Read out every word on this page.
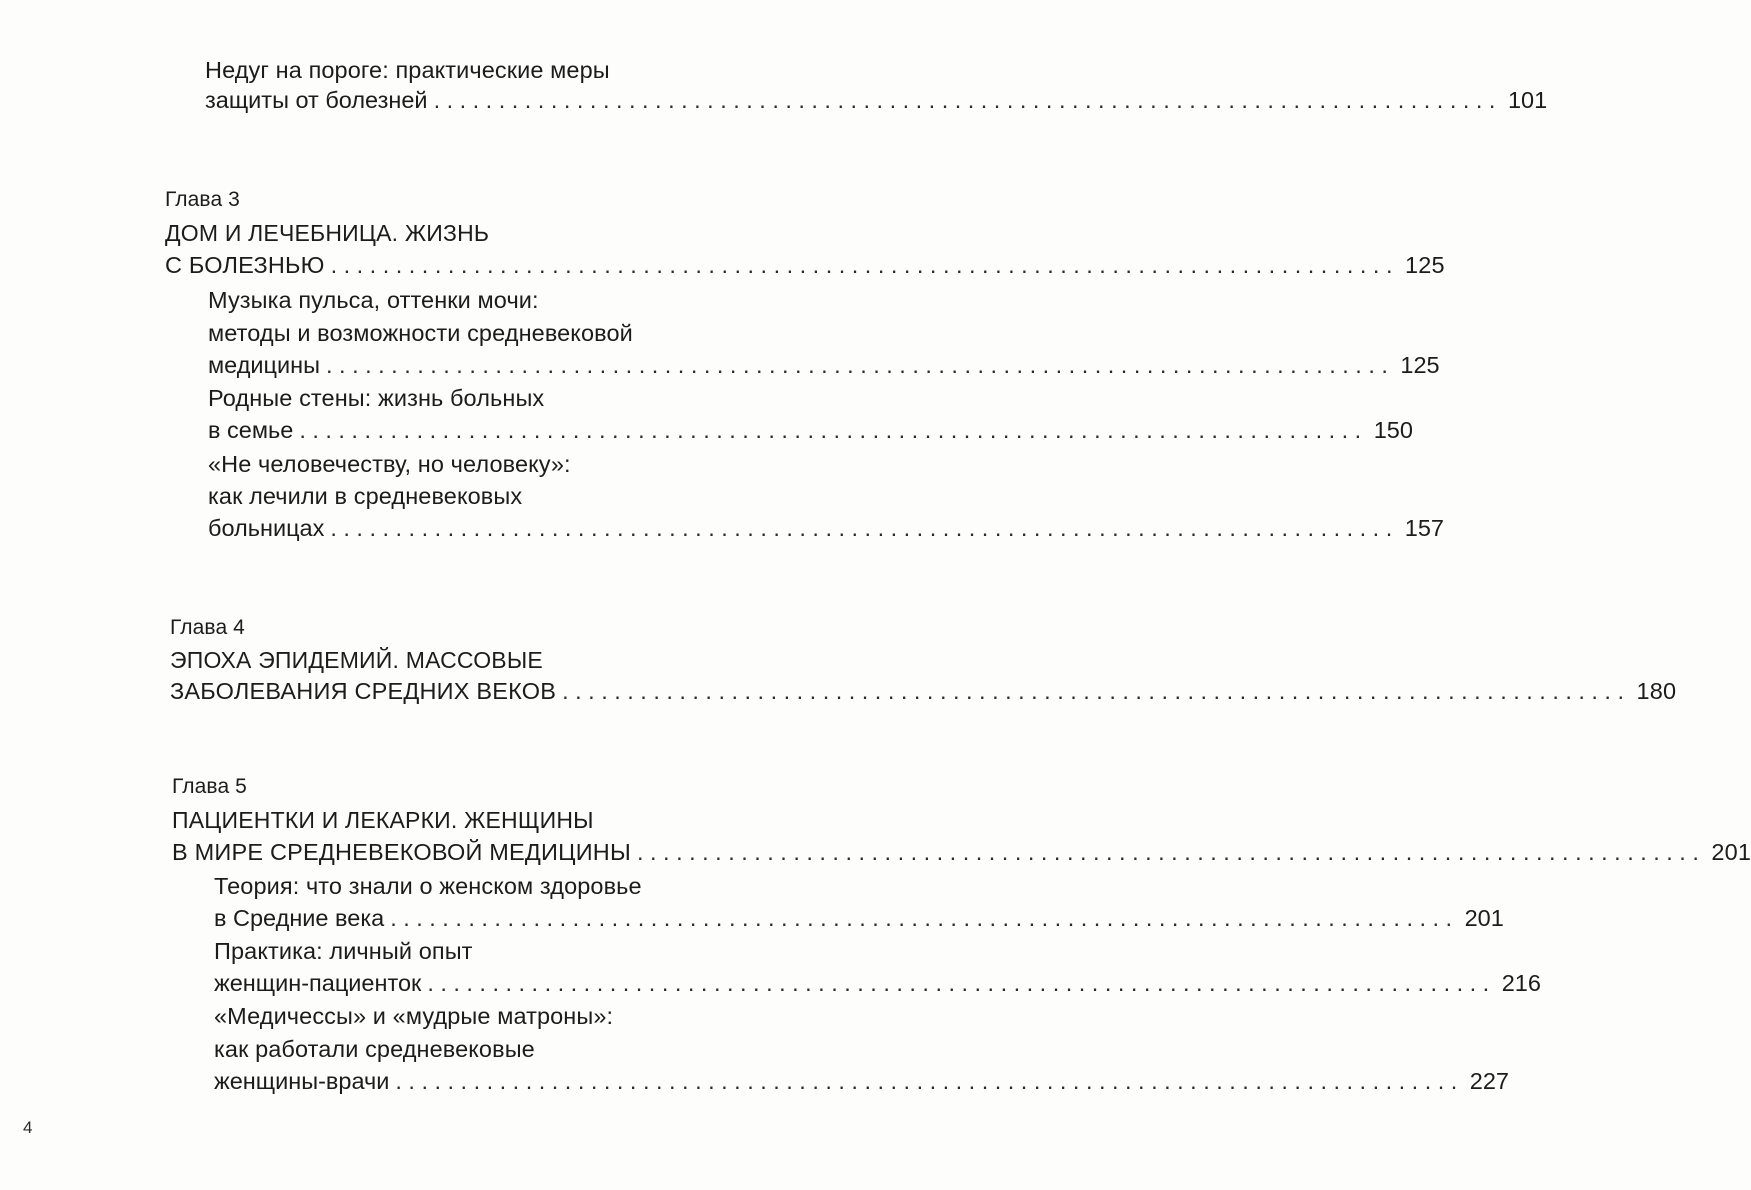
Недуг на пороге: практические меры
защиты от болезней .................................................................................. 101
Глава 3
ДОМ И ЛЕЧЕБНИЦА. ЖИЗНЬ
С БОЛЕЗНЬЮ .................................................................................. 125
Музыка пульса, оттенки мочи:
методы и возможности средневековой
медицины .................................................................................. 125
Родные стены: жизнь больных
в семье .................................................................................. 150
«Не человечеству, но человеку»:
как лечили в средневековых
больницах .................................................................................. 157
Глава 4
ЭПОХА ЭПИДЕМИЙ. МАССОВЫЕ
ЗАБОЛЕВАНИЯ СРЕДНИХ ВЕКОВ .................................................................................. 180
Глава 5
ПАЦИЕНТКИ И ЛЕКАРКИ. ЖЕНЩИНЫ
В МИРЕ СРЕДНЕВЕКОВОЙ МЕДИЦИНЫ .................................................................................. 201
Теория: что знали о женском здоровье
в Средние века .................................................................................. 201
Практика: личный опыт
женщин-пациенток .................................................................................. 216
«Медичессы» и «мудрые матроны»:
как работали средневековые
женщины-врачи .................................................................................. 227
4
